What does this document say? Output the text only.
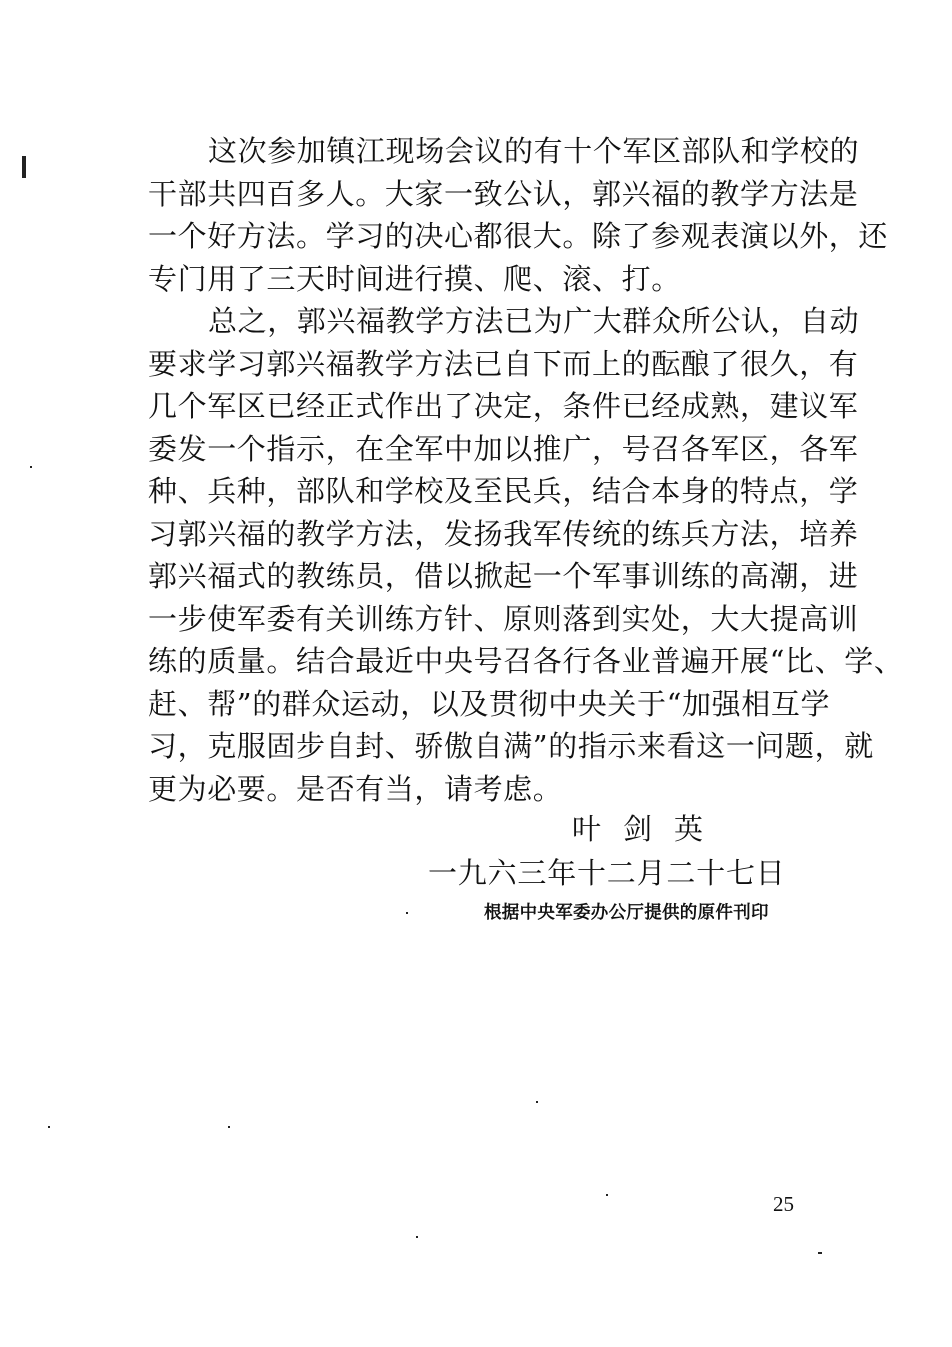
这次参加镇江现场会议的有十个军区部队和学校的
干部共四百多人。大家一致公认，郭兴福的教学方法是
一个好方法。学习的决心都很大。除了参观表演以外，还
专门用了三天时间进行摸、爬、滚、打。
总之，郭兴福教学方法已为广大群众所公认，自动
要求学习郭兴福教学方法已自下而上的酝酿了很久，有
几个军区已经正式作出了决定，条件已经成熟，建议军
委发一个指示，在全军中加以推广，号召各军区，各军
种、兵种，部队和学校及至民兵，结合本身的特点，学
习郭兴福的教学方法，发扬我军传统的练兵方法，培养
郭兴福式的教练员，借以掀起一个军事训练的高潮，进
一步使军委有关训练方针、原则落到实处，大大提高训
练的质量。结合最近中央号召各行各业普遍开展“比、学、
赶、帮”的群众运动，以及贯彻中央关于“加强相互学
习，克服固步自封、骄傲自满”的指示来看这一问题，就
更为必要。是否有当，请考虑。
叶剑英
一九六三年十二月二十七日
根据中央军委办公厅提供的原件刊印
25
